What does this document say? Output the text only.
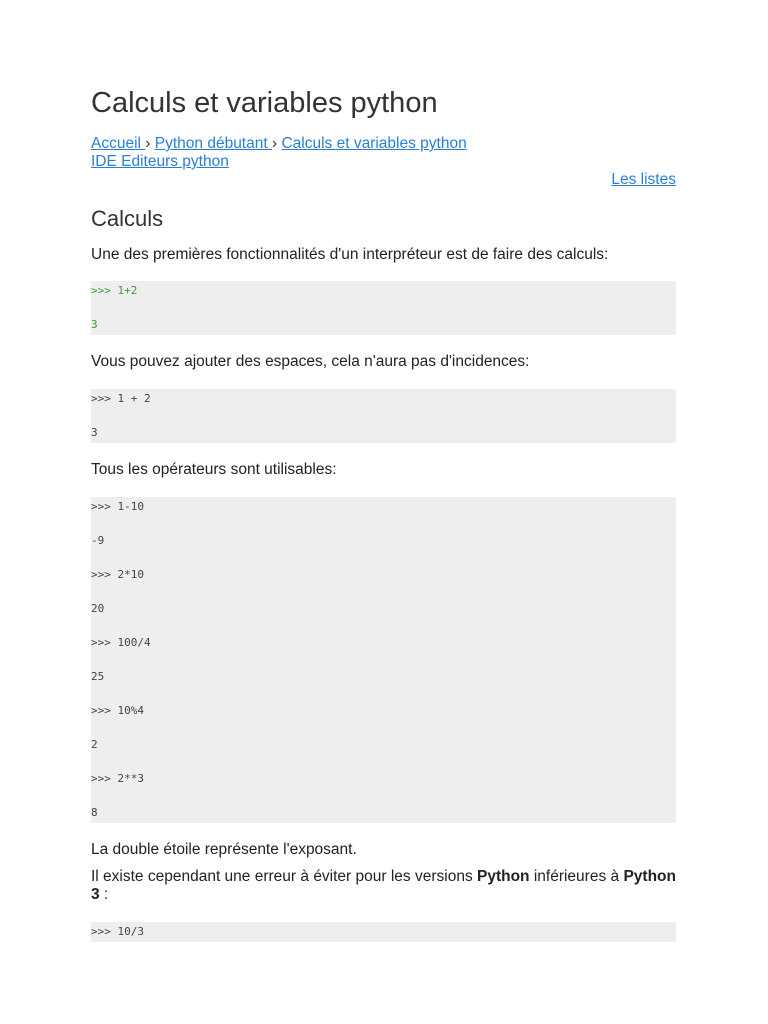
Calculs et variables python
Accueil › Python débutant › Calculs et variables python
IDE Editeurs python
Les listes
Calculs

Une des premières fonctionnalités d'un interpréteur est de faire des calculs:

>>> 1+2
3

Vous pouvez ajouter des espaces, cela n'aura pas d'incidences:

>>> 1 + 2
3

Tous les opérateurs sont utilisables:

>>> 1-10
-9
>>> 2*10
20
>>> 100/4
25
>>> 10%4
2
>>> 2**3
8

La double étoile représente l'exposant.

Il existe cependant une erreur à éviter pour les versions Python inférieures à Python 3 :

>>> 10/3
